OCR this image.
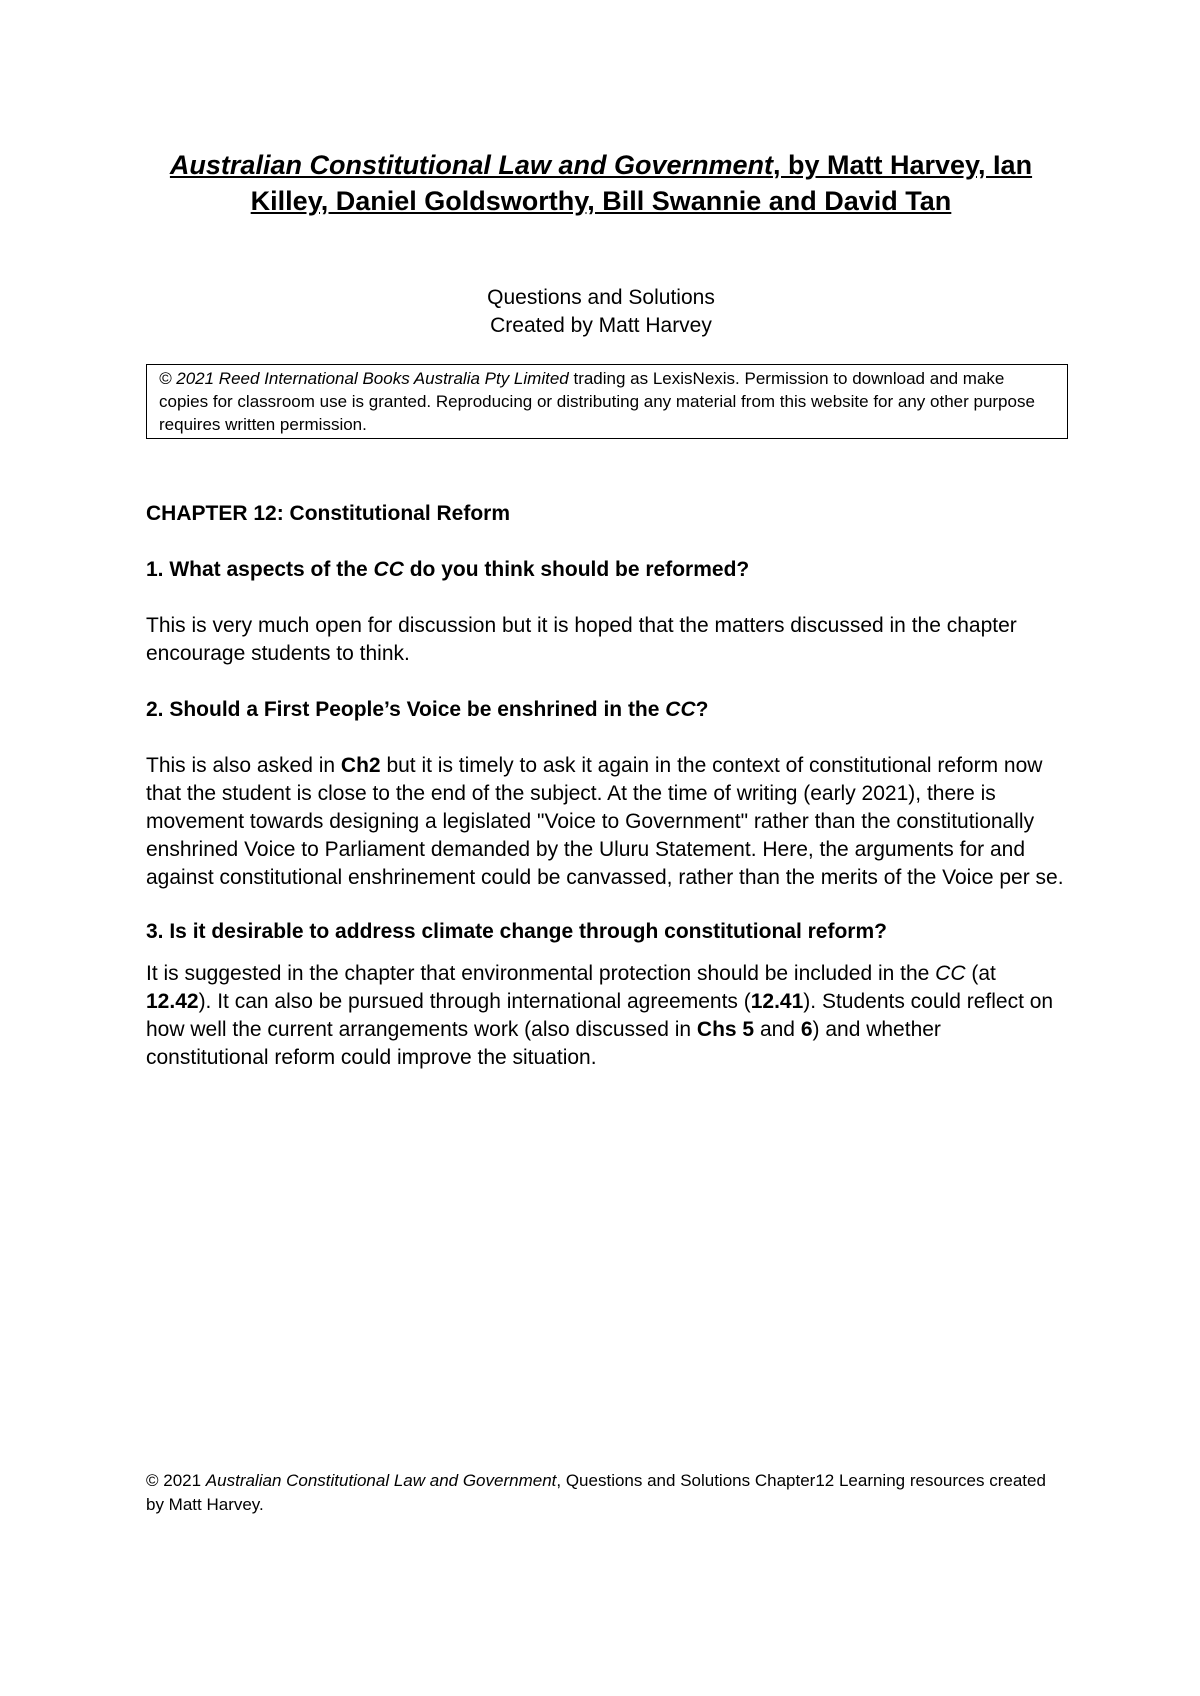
Australian Constitutional Law and Government, by Matt Harvey, Ian
Killey, Daniel Goldsworthy, Bill Swannie and David Tan
Questions and Solutions
Created by Matt Harvey
© 2021 Reed International Books Australia Pty Limited trading as LexisNexis. Permission to download and make copies for classroom use is granted. Reproducing or distributing any material from this website for any other purpose requires written permission.

CHAPTER 12: Constitutional Reform

1. What aspects of the CC do you think should be reformed?

This is very much open for discussion but it is hoped that the matters discussed in the chapter encourage students to think.

2. Should a First People’s Voice be enshrined in the CC?

This is also asked in Ch2 but it is timely to ask it again in the context of constitutional reform now that the student is close to the end of the subject. At the time of writing (early 2021), there is movement towards designing a legislated "Voice to Government" rather than the constitutionally enshrined Voice to Parliament demanded by the Uluru Statement. Here, the arguments for and against constitutional enshrinement could be canvassed, rather than the merits of the Voice per se.

3. Is it desirable to address climate change through constitutional reform?

It is suggested in the chapter that environmental protection should be included in the CC (at 12.42). It can also be pursued through international agreements (12.41). Students could reflect on how well the current arrangements work (also discussed in Chs 5 and 6) and whether constitutional reform could improve the situation.

© 2021 Australian Constitutional Law and Government, Questions and Solutions Chapter12 Learning resources created by Matt Harvey.
